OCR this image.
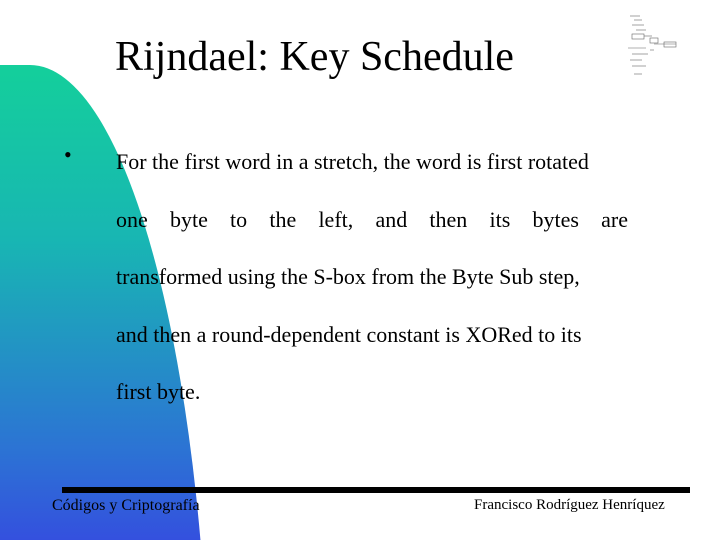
Rijndael: Key Schedule
• For the first word in a stretch, the word is first rotated
one byte to the left, and then its bytes are
transformed using the S-box from the Byte Sub step,
and then a round-dependent constant is XORed to its
first byte.
Códigos y Criptografía	Francisco Rodríguez Henríquez
